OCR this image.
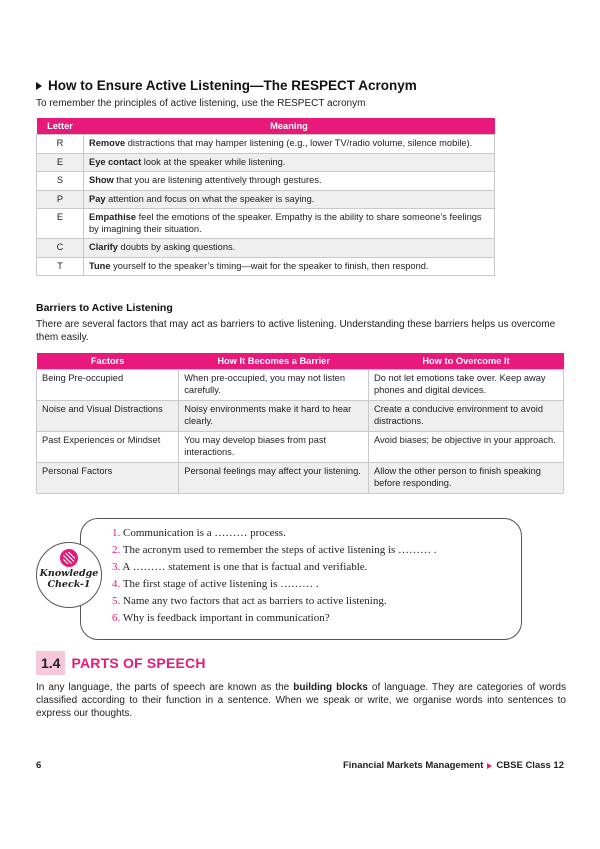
How to Ensure Active Listening—The RESPECT Acronym
To remember the principles of active listening, use the RESPECT acronym
Letter	Meaning
R	Remove distractions that may hamper listening (e.g., lower TV/radio volume, silence mobile).
E	Eye contact look at the speaker while listening.
S	Show that you are listening attentively through gestures.
P	Pay attention and focus on what the speaker is saying.
E	Empathise feel the emotions of the speaker. Empathy is the ability to share someone’s feelings by imagining their situation.
C	Clarify doubts by asking questions.
T	Tune yourself to the speaker’s timing—wait for the speaker to finish, then respond.
Barriers to Active Listening
There are several factors that may act as barriers to active listening. Understanding these barriers helps us overcome them easily.
Factors	How It Becomes a Barrier	How to Overcome It
Being Pre-occupied	When pre-occupied, you may not listen carefully.	Do not let emotions take over. Keep away phones and digital devices.
Noise and Visual Distractions	Noisy environments make it hard to hear clearly.	Create a conducive environment to avoid distractions.
Past Experiences or Mindset	You may develop biases from past interactions.	Avoid biases; be objective in your approach.
Personal Factors	Personal feelings may affect your listening.	Allow the other person to finish speaking before responding.
Knowledge
Check-1
1. Communication is a ……… process.
2. The acronym used to remember the steps of active listening is ……… .
3. A ……… statement is one that is factual and verifiable.
4. The first stage of active listening is ……… .
5. Name any two factors that act as barriers to active listening.
6. Why is feedback important in communication?
1.4 PARTS OF SPEECH
In any language, the parts of speech are known as the building blocks of language. They are categories of words classified according to their function in a sentence. When we speak or write, we organise words into sentences to express our thoughts.
6	Financial Markets Management CBSE Class 12
